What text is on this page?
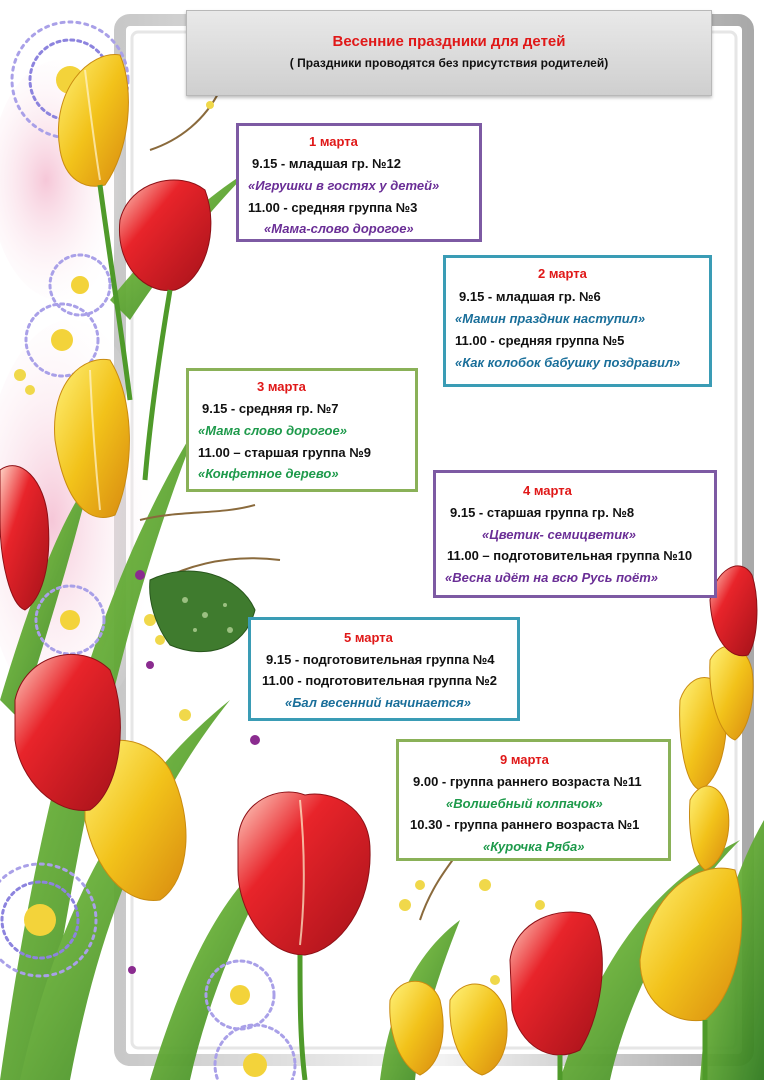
Весенние праздники для детей
( Праздники проводятся без присутствия родителей)
1 марта
9.15 - младшая гр. №12
«Игрушки в гостях у детей»
11.00 - средняя группа №3
«Мама-слово дорогое»
2 марта
9.15 - младшая гр. №6
«Мамин праздник наступил»
11.00 - средняя группа №5
«Как колобок бабушку поздравил»
3 марта
9.15 - средняя гр. №7
«Мама слово дорогое»
11.00 – старшая группа №9
«Конфетное дерево»
4 марта
9.15 - старшая группа гр. №8
«Цветик- семицветик»
11.00 – подготовительная группа №10
«Весна идёт на всю Русь поёт»
5 марта
9.15 - подготовительная группа №4
11.00 - подготовительная группа №2
«Бал весенний начинается»
9 марта
9.00 - группа раннего возраста №11
«Волшебный колпачок»
10.30 - группа раннего возраста №1
«Курочка Ряба»
